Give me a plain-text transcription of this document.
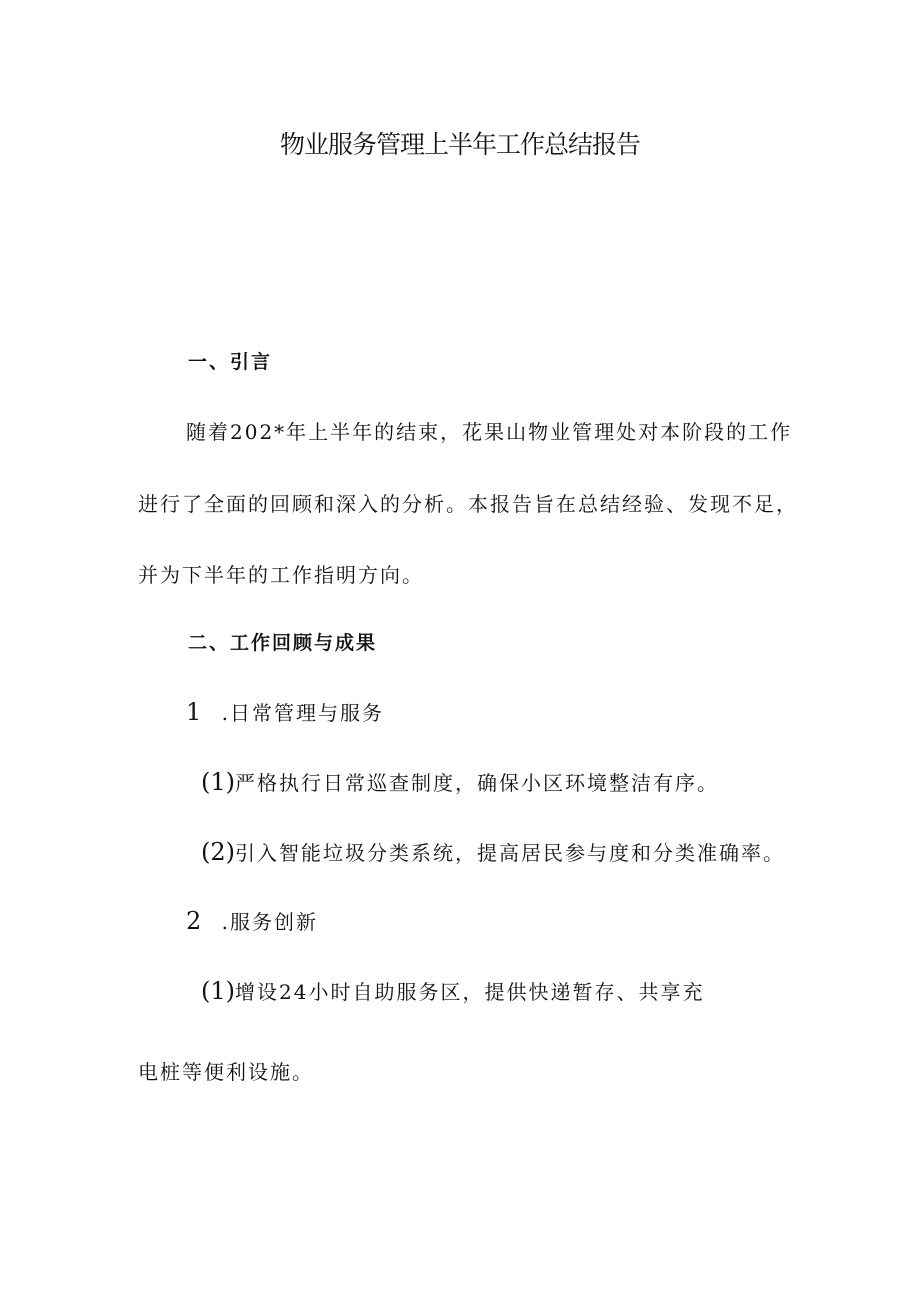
物业服务管理上半年工作总结报告
一、引言
随着202*年上半年的结束，花果山物业管理处对本阶段的工作
进行了全面的回顾和深入的分析。本报告旨在总结经验、发现不足，
并为下半年的工作指明方向。
二、工作回顾与成果
1 .日常管理与服务
(1)严格执行日常巡查制度，确保小区环境整洁有序。
(2)引入智能垃圾分类系统，提高居民参与度和分类准确率。
2 .服务创新
(1)增设24小时自助服务区，提供快递暂存、共享充
电桩等便利设施。
